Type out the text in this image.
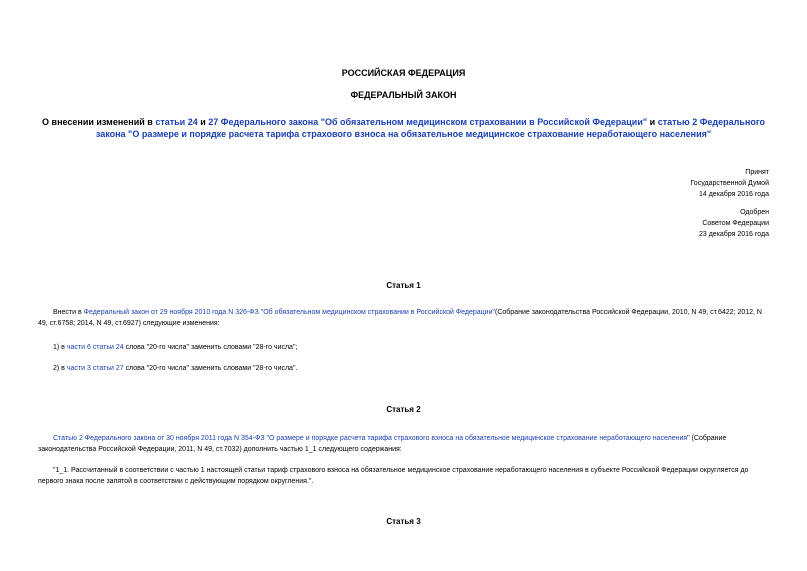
РОССИЙСКАЯ ФЕДЕРАЦИЯ
ФЕДЕРАЛЬНЫЙ ЗАКОН
О внесении изменений в статьи 24 и 27 Федерального закона "Об обязательном медицинском страховании в Российской Федерации" и статью 2 Федерального закона "О размере и порядке расчета тарифа страхового взноса на обязательное медицинское страхование неработающего населения"
Принят
Государственной Думой
14 декабря 2016 года
Одобрен
Советом Федерации
23 декабря 2016 года
Статья 1
Внести в Федеральный закон от 29 ноября 2010 года N 326-ФЗ "Об обязательном медицинском страховании в Российской Федерации"(Собрание законодательства Российской Федерации, 2010, N 49, ст.6422; 2012, N 49, ст.6758; 2014, N 49, ст.6927) следующие изменения:
1) в части 6 статьи 24 слова "20-го числа" заменить словами "28-го числа";
2) в части 3 статьи 27 слова "20-го числа" заменить словами "28-го числа".
Статья 2
Статью 2 Федерального закона от 30 ноября 2011 года N 354-ФЗ "О размере и порядке расчета тарифа страхового взноса на обязательное медицинское страхование неработающего населения" (Собрание законодательства Российской Федерации, 2011, N 49, ст.7032) дополнить частью 1_1 следующего содержания:
"1_1. Рассчитанный в соответствии с частью 1 настоящей статьи тариф страхового взноса на обязательное медицинское страхование неработающего населения в субъекте Российской Федерации округляется до первого знака после запятой в соответствии с действующим порядком округления.".
Статья 3
